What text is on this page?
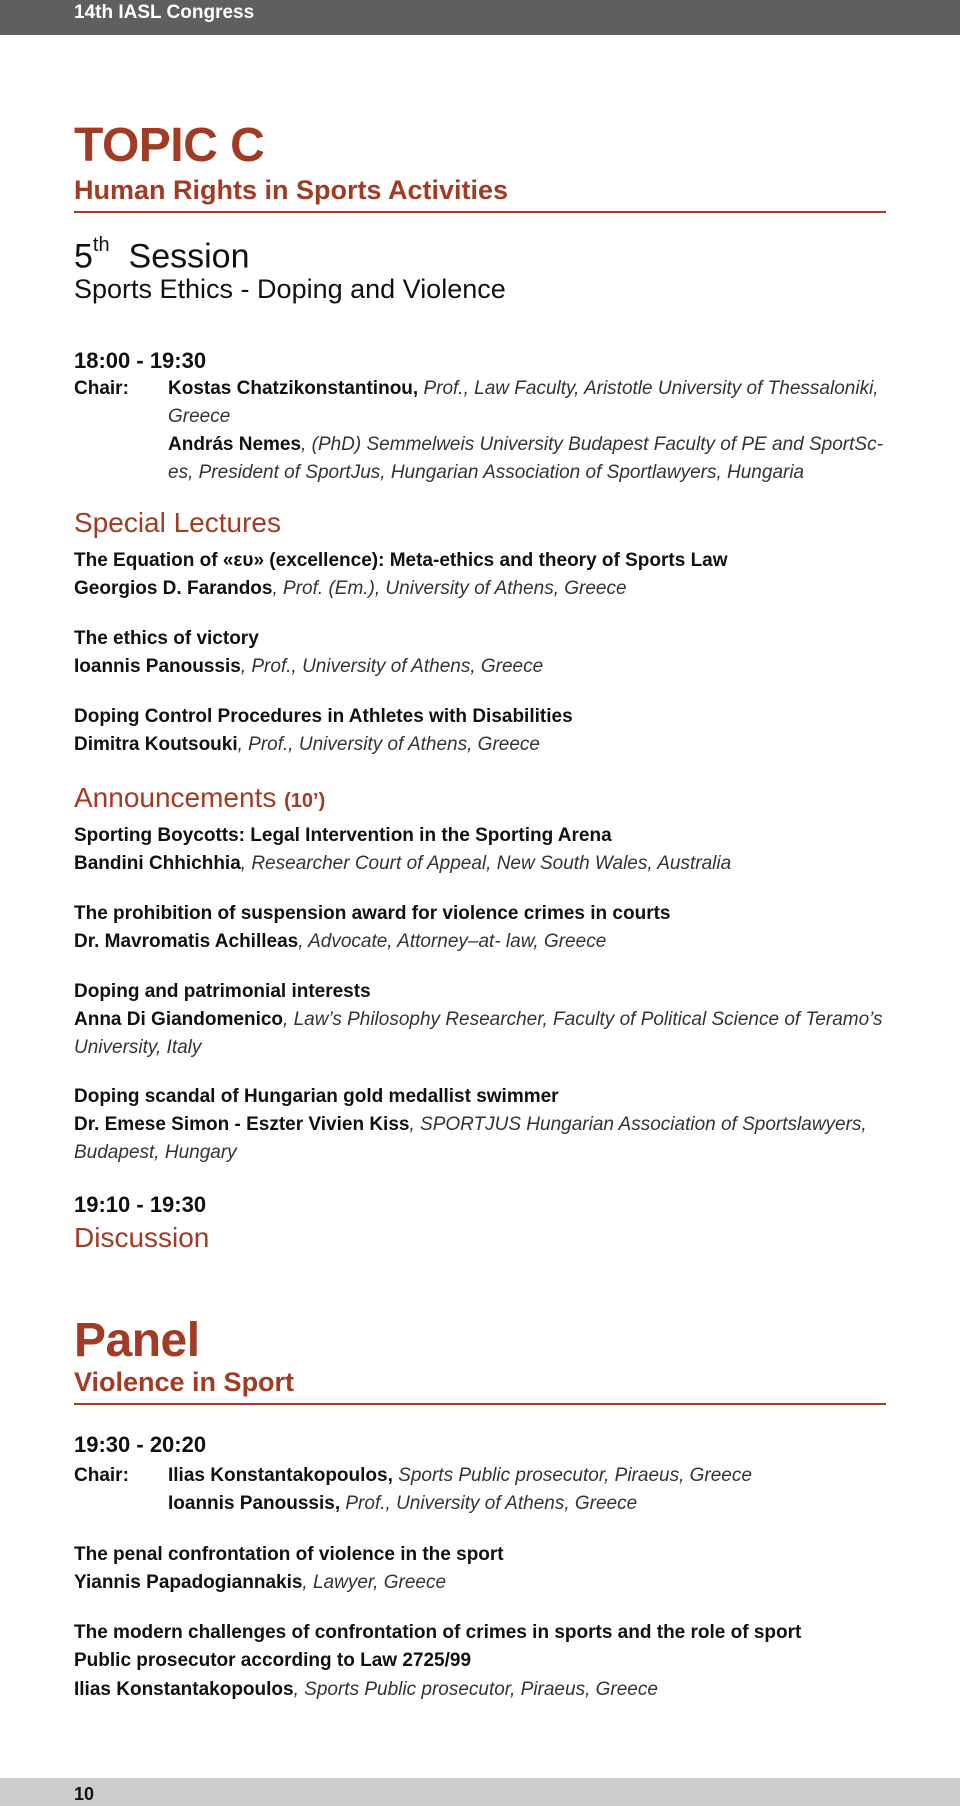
14th IASL Congress
TOPIC C
Human Rights in Sports Activities
5th Session
Sports Ethics - Doping and Violence
18:00 - 19:30
Chair: Kostas Chatzikonstantinou, Prof., Law Faculty, Aristotle University of Thessaloniki, Greece
András Nemes, (PhD) Semmelweis University Budapest Faculty of PE and SportSc-es, President of SportJus, Hungarian Association of Sportlawyers, Hungaria
Special Lectures
The Equation of «ευ» (excellence): Meta-ethics and theory of Sports Law
Georgios D. Farandos, Prof. (Em.), University of Athens, Greece
The ethics of victory
Ioannis Panoussis, Prof., University of Athens, Greece
Doping Control Procedures in Athletes with Disabilities
Dimitra Koutsouki, Prof., University of Athens, Greece
Announcements (10’)
Sporting Boycotts: Legal Intervention in the Sporting Arena
Bandini Chhichhia, Researcher Court of Appeal, New South Wales, Australia
The prohibition of suspension award for violence crimes in courts
Dr. Mavromatis Achilleas, Advocate, Attorney–at- law, Greece
Doping and patrimonial interests
Anna Di Giandomenico, Law’s Philosophy Researcher, Faculty of Political Science of Teramo’s University, Italy
Doping scandal of Hungarian gold medallist swimmer
Dr. Emese Simon - Eszter Vivien Kiss, SPORTJUS Hungarian Association of Sportslawyers, Budapest, Hungary
19:10 - 19:30
Discussion
Panel
Violence in Sport
19:30 - 20:20
Chair: Ilias Konstantakopoulos, Sports Public prosecutor, Piraeus, Greece
Ioannis Panoussis, Prof., University of Athens, Greece
The penal confrontation of violence in the sport
Yiannis Papadogiannakis, Lawyer, Greece
The modern challenges of confrontation of crimes in sports and the role of sport Public prosecutor according to Law 2725/99
Ilias Konstantakopoulos, Sports Public prosecutor, Piraeus, Greece
10
